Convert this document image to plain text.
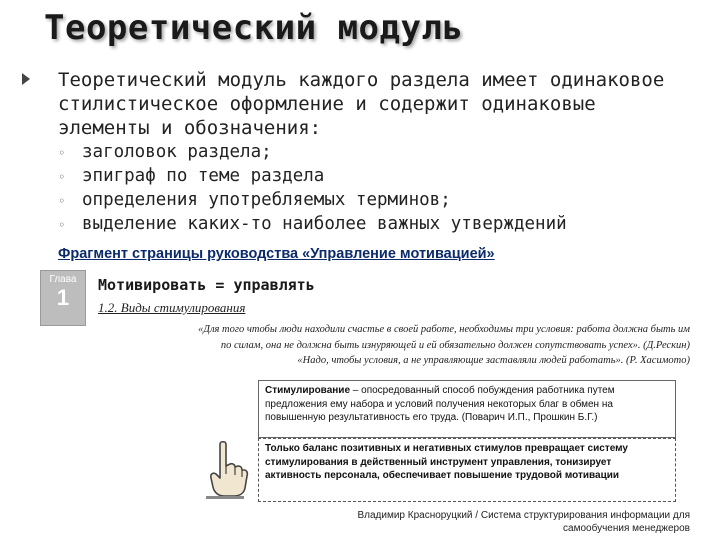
Теоретический модуль
Теоретический модуль каждого раздела имеет одинаковое стилистическое оформление и содержит одинаковые элементы и обозначения:
◦ заголовок раздела;
◦ эпиграф по теме раздела
◦ определения употребляемых терминов;
◦ выделение каких-то наиболее важных утверждений
Фрагмент страницы руководства «Управление мотивацией»
Глава
1	Мотивировать = управлять
1.2. Виды стимулирования
«Для того чтобы люди находили счастье в своей работе, необходимы три условия: работа должна быть им
по силам, она не должна быть изнуряющей и ей обязательно должен сопутствовать успех». (Д.Рескин)
«Надо, чтобы условия, а не управляющие заставляли людей работать». (Р. Хасимото)
Стимулирование – опосредованный способ побуждения работника путем предложения ему набора и условий получения некоторых благ в обмен на повышенную результативность его труда. (Поварич И.П., Прошкин Б.Г.)
Только баланс позитивных и негативных стимулов превращает систему стимулирования в действенный инструмент управления, тонизирует активность персонала, обеспечивает повышение трудовой мотивации
Владимир Красноруцкий / Система структурирования информации для
самообучения менеджеров
